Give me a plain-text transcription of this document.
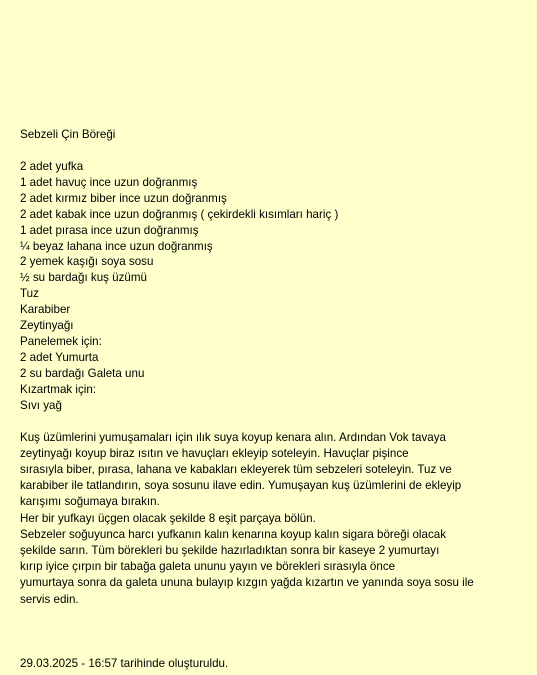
Sebzeli Çin Böreği
2 adet yufka
1 adet havuç ince uzun doğranmış
2 adet kırmız biber ince uzun doğranmış
2 adet kabak ince uzun doğranmış ( çekirdekli kısımları hariç )
1 adet pırasa ince uzun doğranmış
¼ beyaz lahana ince uzun doğranmış
2 yemek kaşığı soya sosu
½ su bardağı kuş üzümü
Tuz
Karabiber
Zeytinyağı
Panelemek için:
2 adet Yumurta
2 su bardağı Galeta unu
Kızartmak için:
Sıvı yağ
Kuş üzümlerini yumuşamaları için ılık suya koyup kenara alın. Ardından Vok tavaya
zeytinyağı koyup biraz ısıtın ve havuçları ekleyip soteleyin. Havuçlar pişince
sırasıyla biber, pırasa, lahana ve kabakları ekleyerek tüm sebzeleri soteleyin. Tuz ve
karabiber ile tatlandırın, soya sosunu ilave edin. Yumuşayan kuş üzümlerini de ekleyip
karışımı soğumaya bırakın.
Her bir yufkayı üçgen olacak şekilde 8 eşit parçaya bölün.
Sebzeler soğuyunca harcı yufkanın kalın kenarına koyup kalın sigara böreği olacak
şekilde sarın. Tüm börekleri bu şekilde hazırladıktan sonra bir kaseye 2 yumurtayı
kırıp iyice çırpın bir tabağa galeta ununu yayın ve börekleri sırasıyla önce
yumurtaya sonra da galeta ununa bulayıp kızgın yağda kızartın ve yanında soya sosu ile
servis edin.
29.03.2025 - 16:57 tarihinde oluşturuldu.
